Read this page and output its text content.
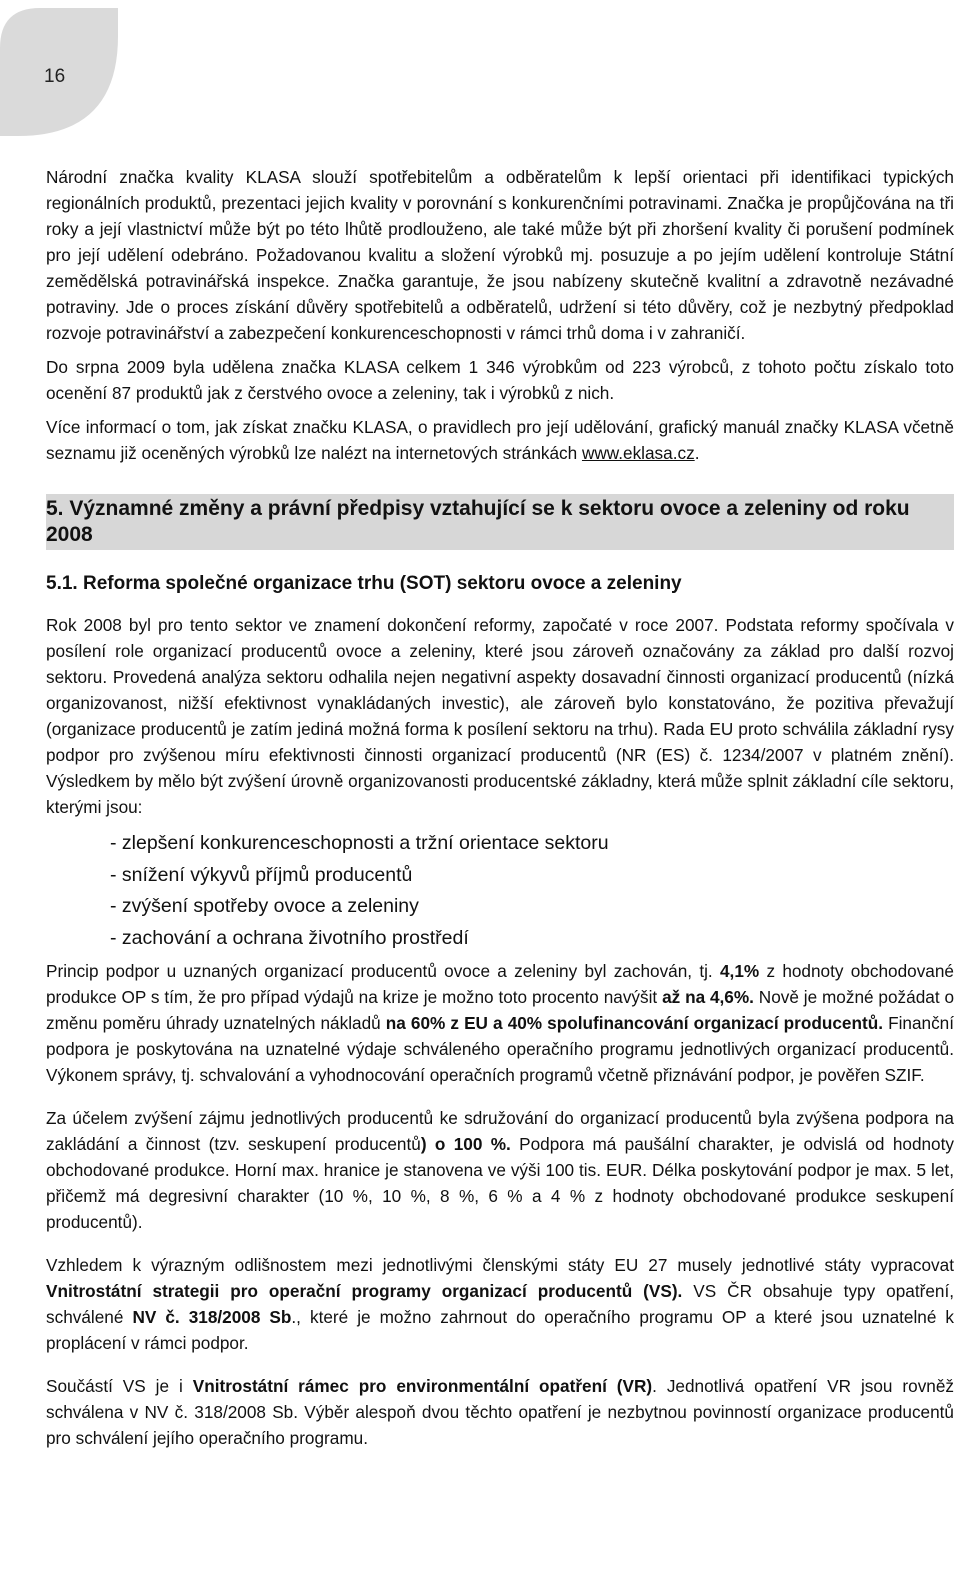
16

Národní značka kvality KLASA slouží spotřebitelům a odběratelům k lepší orientaci při identifikaci typických regionálních produktů, prezentaci jejich kvality v porovnání s konkurenčními potravinami. Značka je propůjčována na tři roky a její vlastnictví může být po této lhůtě prodlouženo, ale také může být při zhoršení kvality či porušení podmínek pro její udělení odebráno. Požadovanou kvalitu a složení výrobků mj. posuzuje a po jejím udělení kontroluje Státní zemědělská potravinářská inspekce. Značka garantuje, že jsou nabízeny skutečně kvalitní a zdravotně nezávadné potraviny. Jde o proces získání důvěry spotřebitelů a odběratelů, udržení si této důvěry, což je nezbytný předpoklad rozvoje potravinářství a zabezpečení konkurenceschopnosti v rámci trhů doma i v zahraničí.

Do srpna 2009 byla udělena značka KLASA celkem 1 346 výrobkům od 223 výrobců, z tohoto počtu získalo toto ocenění 87 produktů jak z čerstvého ovoce a zeleniny, tak i výrobků z nich.

Více informací o tom, jak získat značku KLASA, o pravidlech pro její udělování, grafický manuál značky KLASA včetně seznamu již oceněných výrobků lze nalézt na internetových stránkách www.eklasa.cz.

5. Významné změny a právní předpisy vztahující se k sektoru ovoce a zeleniny od roku 2008
5.1. Reforma společné organizace trhu (SOT) sektoru ovoce a zeleniny

Rok 2008 byl pro tento sektor ve znamení dokončení reformy, započaté v roce 2007. Podstata reformy spočívala v posílení role organizací producentů ovoce a zeleniny, které jsou zároveň označovány za základ pro další rozvoj sektoru. Provedená analýza sektoru odhalila nejen negativní aspekty dosavadní činnosti organizací producentů (nízká organizovanost, nižší efektivnost vynakládaných investic), ale zároveň bylo konstatováno, že pozitiva převažují (organizace producentů je zatím jediná možná forma k posílení sektoru na trhu). Rada EU proto schválila základní rysy podpor pro zvýšenou míru efektivnosti činnosti organizací producentů (NR (ES) č. 1234/2007 v platném znění). Výsledkem by mělo být zvýšení úrovně organizovanosti producentské základny, která může splnit základní cíle sektoru, kterými jsou:

- zlepšení konkurenceschopnosti a tržní orientace sektoru
- snížení výkyvů příjmů producentů
- zvýšení spotřeby ovoce a zeleniny
- zachování a ochrana životního prostředí

Princip podpor u uznaných organizací producentů ovoce a zeleniny byl zachován, tj. 4,1% z hodnoty obchodované produkce OP s tím, že pro případ výdajů na krize je možno toto procento navýšit až na 4,6%. Nově je možné požádat o změnu poměru úhrady uznatelných nákladů na 60% z EU a 40% spolufinancování organizací producentů. Finanční podpora je poskytována na uznatelné výdaje schváleného operačního programu jednotlivých organizací producentů. Výkonem správy, tj. schvalování a vyhodnocování operačních programů včetně přiznávání podpor, je pověřen SZIF.

Za účelem zvýšení zájmu jednotlivých producentů ke sdružování do organizací producentů byla zvýšena podpora na zakládání a činnost (tzv. seskupení producentů) o 100 %. Podpora má paušální charakter, je odvislá od hodnoty obchodované produkce. Horní max. hranice je stanovena ve výši 100 tis. EUR. Délka poskytování podpor je max. 5 let, přičemž má degresivní charakter (10 %, 10 %, 8 %, 6 % a 4 % z hodnoty obchodované produkce seskupení producentů).

Vzhledem k výrazným odlišnostem mezi jednotlivými členskými státy EU 27 musely jednotlivé státy vypracovat Vnitrostátní strategii pro operační programy organizací producentů (VS). VS ČR obsahuje typy opatření, schválené NV č. 318/2008 Sb., které je možno zahrnout do operačního programu OP a které jsou uznatelné k proplácení v rámci podpor.

Součástí VS je i Vnitrostátní rámec pro environmentální opatření (VR). Jednotlivá opatření VR jsou rovněž schválena v NV č. 318/2008 Sb. Výběr alespoň dvou těchto opatření je nezbytnou povinností organizace producentů pro schválení jejího operačního programu.
